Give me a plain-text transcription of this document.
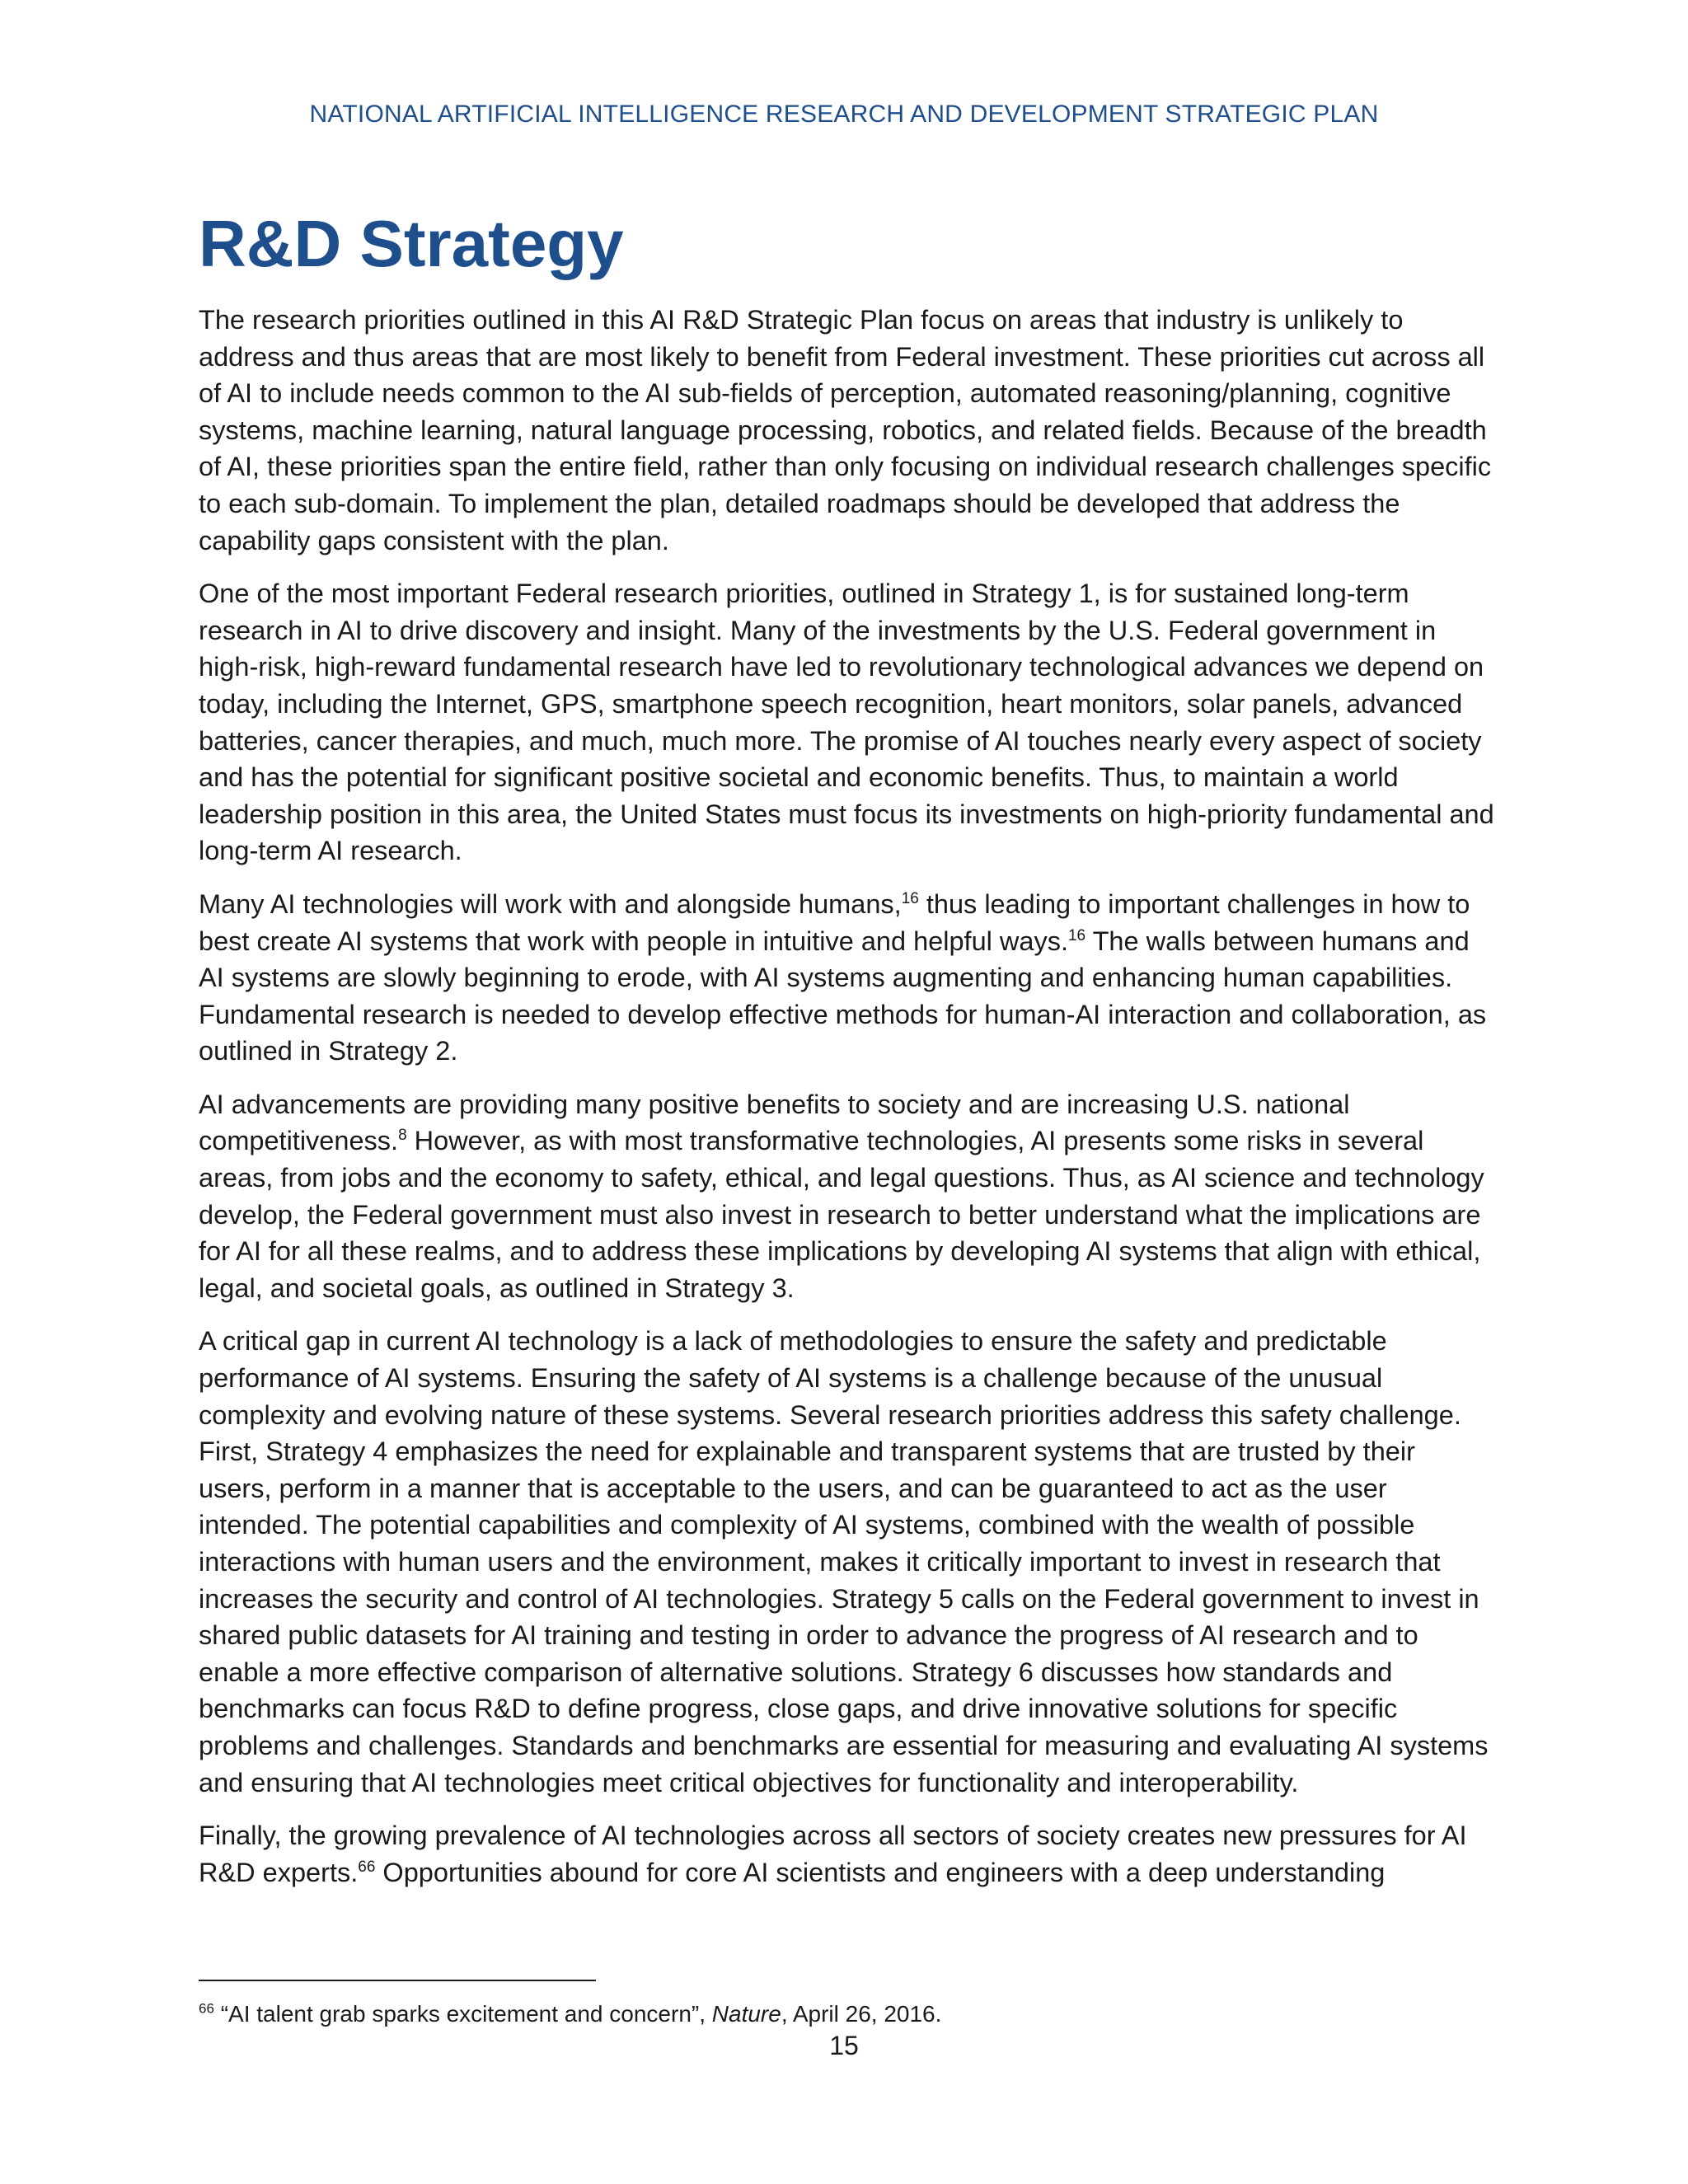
NATIONAL ARTIFICIAL INTELLIGENCE RESEARCH AND DEVELOPMENT STRATEGIC PLAN
R&D Strategy

The research priorities outlined in this AI R&D Strategic Plan focus on areas that industry is unlikely to address and thus areas that are most likely to benefit from Federal investment. These priorities cut across all of AI to include needs common to the AI sub-fields of perception, automated reasoning/planning, cognitive systems, machine learning, natural language processing, robotics, and related fields. Because of the breadth of AI, these priorities span the entire field, rather than only focusing on individual research challenges specific to each sub-domain. To implement the plan, detailed roadmaps should be developed that address the capability gaps consistent with the plan.

One of the most important Federal research priorities, outlined in Strategy 1, is for sustained long-term research in AI to drive discovery and insight. Many of the investments by the U.S. Federal government in high-risk, high-reward fundamental research have led to revolutionary technological advances we depend on today, including the Internet, GPS, smartphone speech recognition, heart monitors, solar panels, advanced batteries, cancer therapies, and much, much more. The promise of AI touches nearly every aspect of society and has the potential for significant positive societal and economic benefits. Thus, to maintain a world leadership position in this area, the United States must focus its investments on high-priority fundamental and long-term AI research.

Many AI technologies will work with and alongside humans,$^{16}$ thus leading to important challenges in how to best create AI systems that work with people in intuitive and helpful ways.$^{16}$ The walls between humans and AI systems are slowly beginning to erode, with AI systems augmenting and enhancing human capabilities. Fundamental research is needed to develop effective methods for human-AI interaction and collaboration, as outlined in Strategy 2.

AI advancements are providing many positive benefits to society and are increasing U.S. national competitiveness.$^8$ However, as with most transformative technologies, AI presents some risks in several areas, from jobs and the economy to safety, ethical, and legal questions. Thus, as AI science and technology develop, the Federal government must also invest in research to better understand what the implications are for AI for all these realms, and to address these implications by developing AI systems that align with ethical, legal, and societal goals, as outlined in Strategy 3.

A critical gap in current AI technology is a lack of methodologies to ensure the safety and predictable performance of AI systems. Ensuring the safety of AI systems is a challenge because of the unusual complexity and evolving nature of these systems. Several research priorities address this safety challenge. First, Strategy 4 emphasizes the need for explainable and transparent systems that are trusted by their users, perform in a manner that is acceptable to the users, and can be guaranteed to act as the user intended. The potential capabilities and complexity of AI systems, combined with the wealth of possible interactions with human users and the environment, makes it critically important to invest in research that increases the security and control of AI technologies. Strategy 5 calls on the Federal government to invest in shared public datasets for AI training and testing in order to advance the progress of AI research and to enable a more effective comparison of alternative solutions. Strategy 6 discusses how standards and benchmarks can focus R&D to define progress, close gaps, and drive innovative solutions for specific problems and challenges. Standards and benchmarks are essential for measuring and evaluating AI systems and ensuring that AI technologies meet critical objectives for functionality and interoperability.

Finally, the growing prevalence of AI technologies across all sectors of society creates new pressures for AI R&D experts.$^{66}$ Opportunities abound for core AI scientists and engineers with a deep understanding

$^{66}$ “AI talent grab sparks excitement and concern”, Nature, April 26, 2016.
15
